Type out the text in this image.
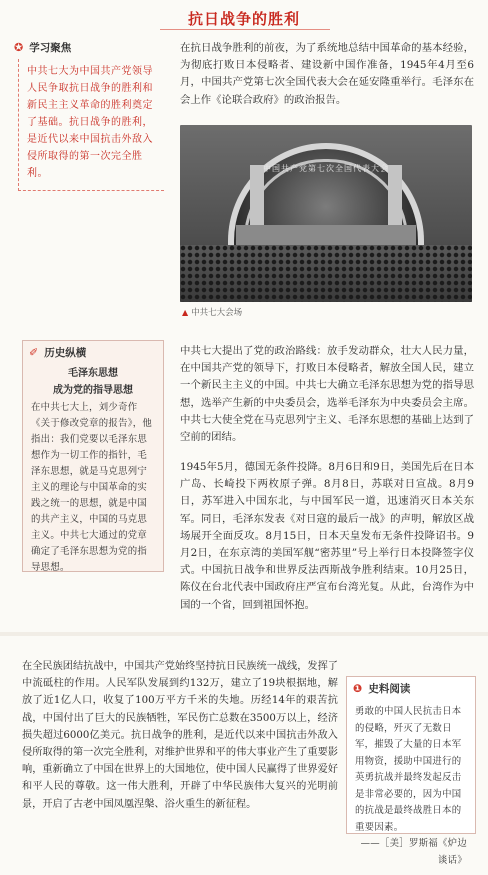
抗日战争的胜利
✪ 学习聚焦
中共七大为中国共产党领导人民争取抗日战争的胜利和新民主主义革命的胜利奠定了基础。抗日战争的胜利，是近代以来中国抗击外敌入侵所取得的第一次完全胜利。

在抗日战争胜利的前夜，为了系统地总结中国革命的基本经验，为彻底打败日本侵略者、建设新中国作准备，1945年4月至6月，中国共产党第七次全国代表大会在延安隆重举行。毛泽东在会上作《论联合政府》的政治报告。

中国共产党第七次全国代表大会
▲ 中共七大会场
✐ 历史纵横
毛泽东思想
成为党的指导思想
在中共七大上，刘少奇作《关于修改党章的报告》，他指出：我们党要以毛泽东思想作为一切工作的指针，毛泽东思想，就是马克思列宁主义的理论与中国革命的实践之统一的思想，就是中国的共产主义，中国的马克思主义。中共七大通过的党章确定了毛泽东思想为党的指导思想。

中共七大提出了党的政治路线：放手发动群众，壮大人民力量，在中国共产党的领导下，打败日本侵略者，解放全国人民，建立一个新民主主义的中国。中共七大确立毛泽东思想为党的指导思想，选举产生新的中央委员会，选举毛泽东为中央委员会主席。中共七大使全党在马克思列宁主义、毛泽东思想的基础上达到了空前的团结。

1945年5月，德国无条件投降。8月6日和9日，美国先后在日本广岛、长崎投下两枚原子弹。8月8日，苏联对日宣战。8月9日，苏军进入中国东北，与中国军民一道，迅速消灭日本关东军。同日，毛泽东发表《对日寇的最后一战》的声明，解放区战场展开全面反攻。8月15日，日本天皇发布无条件投降诏书。9月2日，在东京湾的美国军舰“密苏里”号上举行日本投降签字仪式。中国抗日战争和世界反法西斯战争胜利结束。10月25日，陈仪在台北代表中国政府庄严宣布台湾光复。从此，台湾作为中国的一个省，回到祖国怀抱。

在全民族团结抗战中，中国共产党始终坚持抗日民族统一战线，发挥了中流砥柱的作用。人民军队发展到约132万，建立了19块根据地，解放了近1亿人口，收复了100万平方千米的失地。历经14年的艰苦抗战，中国付出了巨大的民族牺牲，军民伤亡总数在3500万以上，经济损失超过6000亿美元。抗日战争的胜利，是近代以来中国抗击外敌入侵所取得的第一次完全胜利，对维护世界和平的伟大事业产生了重要影响，重新确立了中国在世界上的大国地位，使中国人民赢得了世界爱好和平人民的尊敬。这一伟大胜利，开辟了中华民族伟大复兴的光明前景，开启了古老中国凤凰涅槃、浴火重生的新征程。

❶ 史料阅读
勇敢的中国人民抗击日本的侵略，歼灭了无数日军，摧毁了大量的日本军用物资，援助中国进行的英勇抗战并最终发起反击是非常必要的，因为中国的抗战是最终战胜日本的重要因素。
——［美］罗斯福《炉边谈话》
